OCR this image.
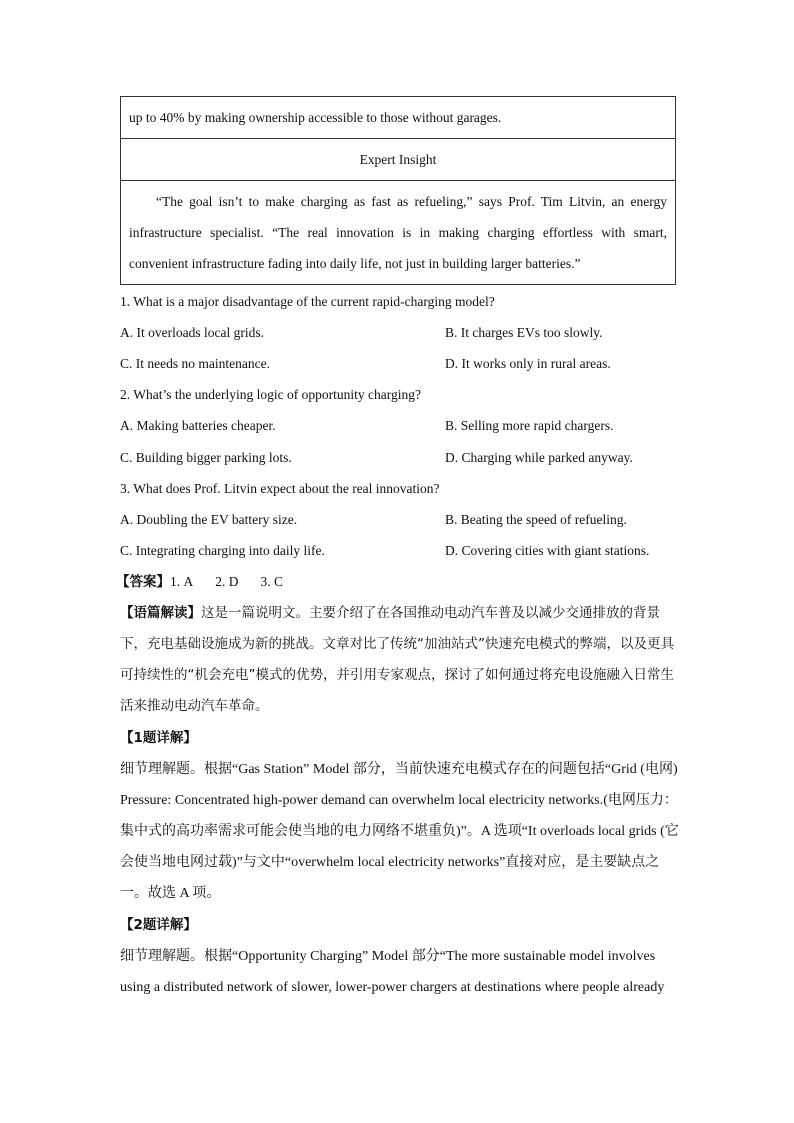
up to 40% by making ownership accessible to those without garages.
Expert Insight
“The goal isn’t to make charging as fast as refueling,” says Prof. Tim Litvin, an energy infrastructure specialist. “The real innovation is in making charging effortless with smart, convenient infrastructure fading into daily life, not just in building larger batteries.”
1. What is a major disadvantage of the current rapid-charging model?
A. It overloads local grids.	B. It charges EVs too slowly.
C. It needs no maintenance.	D. It works only in rural areas.
2. What’s the underlying logic of opportunity charging?
A. Making batteries cheaper.	B. Selling more rapid chargers.
C. Building bigger parking lots.	D. Charging while parked anyway.
3. What does Prof. Litvin expect about the real innovation?
A. Doubling the EV battery size.	B. Beating the speed of refueling.
C. Integrating charging into daily life.	D. Covering cities with giant stations.
【答案】1. A 2. D 3. C
【语篇解读】这是一篇说明文。主要介绍了在各国推动电动汽车普及以减少交通排放的背景下，充电基础设施成为新的挑战。文章对比了传统“加油站式”快速充电模式的弊端，以及更具可持续性的“机会充电”模式的优势，并引用专家观点，探讨了如何通过将充电设施融入日常生活来推动电动汽车革命。
【1题详解】
细节理解题。根据“Gas Station” Model 部分，当前快速充电模式存在的问题包括“Grid (电网) Pressure: Concentrated high-power demand can overwhelm local electricity networks.(电网压力：集中式的高功率需求可能会使当地的电力网络不堪重负)”。A 选项“It overloads local grids (它会使当地电网过载)”与文中“overwhelm local electricity networks”直接对应，是主要缺点之一。故选 A 项。
【2题详解】
细节理解题。根据“Opportunity Charging” Model 部分“The more sustainable model involves using a distributed network of slower, lower-power chargers at destinations where people already
